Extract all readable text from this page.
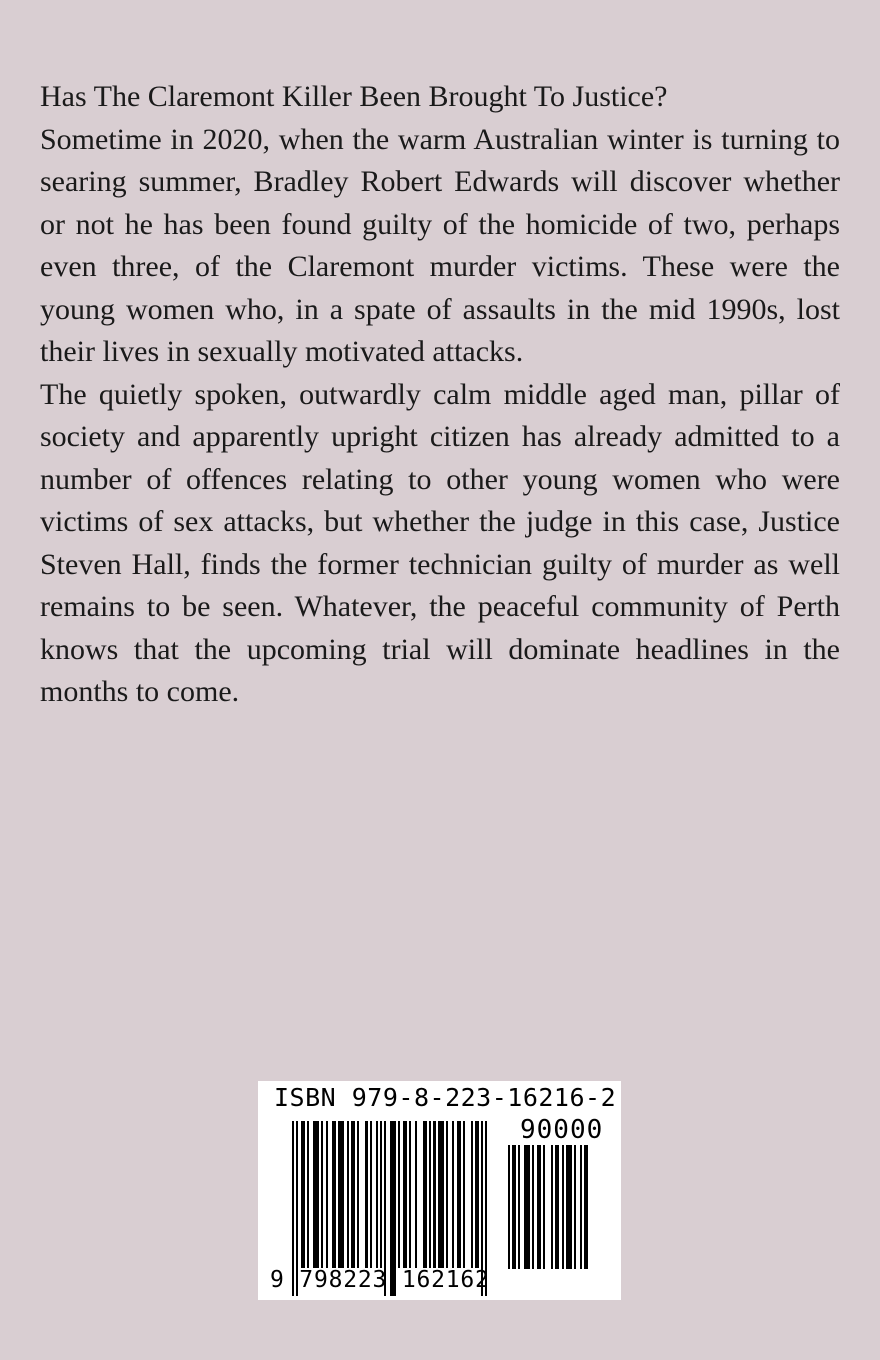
Has The Claremont Killer Been Brought To Justice?

Sometime in 2020, when the warm Australian winter is turning to searing summer, Bradley Robert Edwards will discover whether or not he has been found guilty of the homicide of two, perhaps even three, of the Claremont murder victims. These were the young women who, in a spate of assaults in the mid 1990s, lost their lives in sexually motivated attacks.

The quietly spoken, outwardly calm middle aged man, pillar of society and apparently upright citizen has already admitted to a number of offences relating to other young women who were victims of sex attacks, but whether the judge in this case, Justice Steven Hall, finds the former technician guilty of murder as well remains to be seen. Whatever, the peaceful community of Perth knows that the upcoming trial will dominate headlines in the months to come.

ISBN 979-8-223-16216-2
90000
9 798223 162162
